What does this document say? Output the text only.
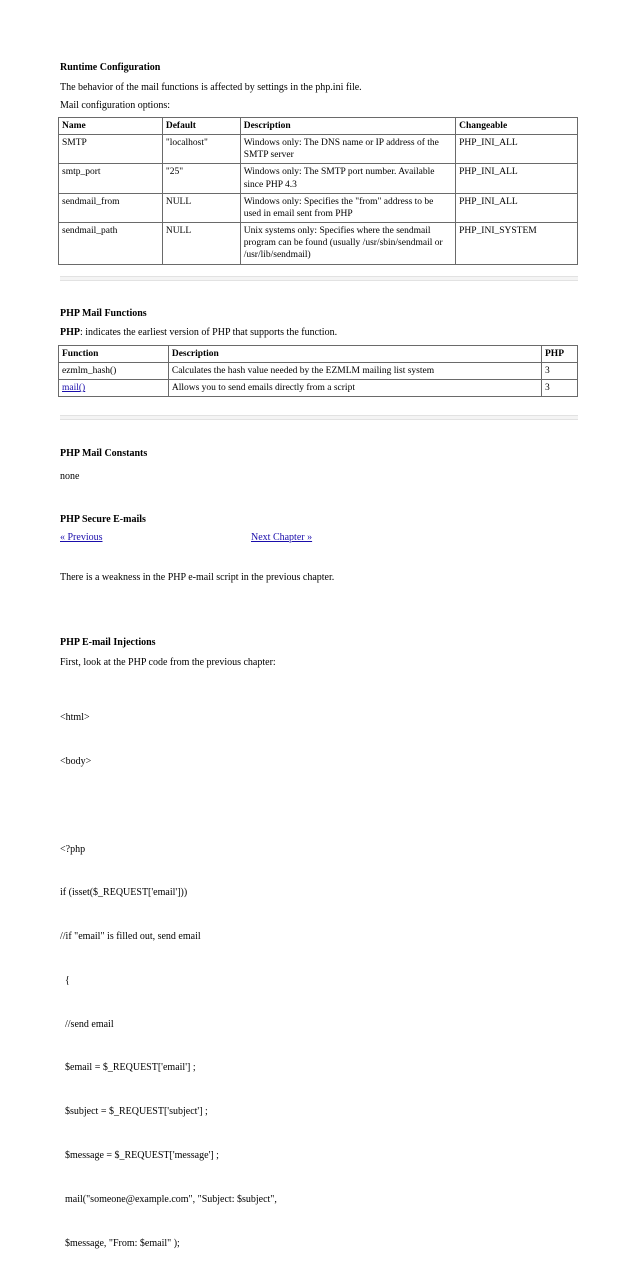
Runtime Configuration
The behavior of the mail functions is affected by settings in the php.ini file.
Mail configuration options:
Name	Default	Description	Changeable
SMTP	"localhost"	Windows only: The DNS name or IP address of the SMTP server	PHP_INI_ALL
smtp_port	"25"	Windows only: The SMTP port number. Available since PHP 4.3	PHP_INI_ALL
sendmail_from	NULL	Windows only: Specifies the "from" address to be used in email sent from PHP	PHP_INI_ALL
sendmail_path	NULL	Unix systems only: Specifies where the sendmail program can be found (usually /usr/sbin/sendmail or /usr/lib/sendmail)	PHP_INI_SYSTEM
PHP Mail Functions
PHP: indicates the earliest version of PHP that supports the function.
Function	Description	PHP
ezmlm_hash()	Calculates the hash value needed by the EZMLM mailing list system	3
mail()	Allows you to send emails directly from a script	3
PHP Mail Constants
none
PHP Secure E-mails
« Previous	Next Chapter »
There is a weakness in the PHP e-mail script in the previous chapter.
PHP E-mail Injections
First, look at the PHP code from the previous chapter:

<html>

<body>

<?php

if (isset($_REQUEST['email']))

//if "email" is filled out, send email

{

//send email

$email = $_REQUEST['email'] ;

$subject = $_REQUEST['subject'] ;

$message = $_REQUEST['message'] ;

mail("someone@example.com", "Subject: $subject",

$message, "From: $email" );
